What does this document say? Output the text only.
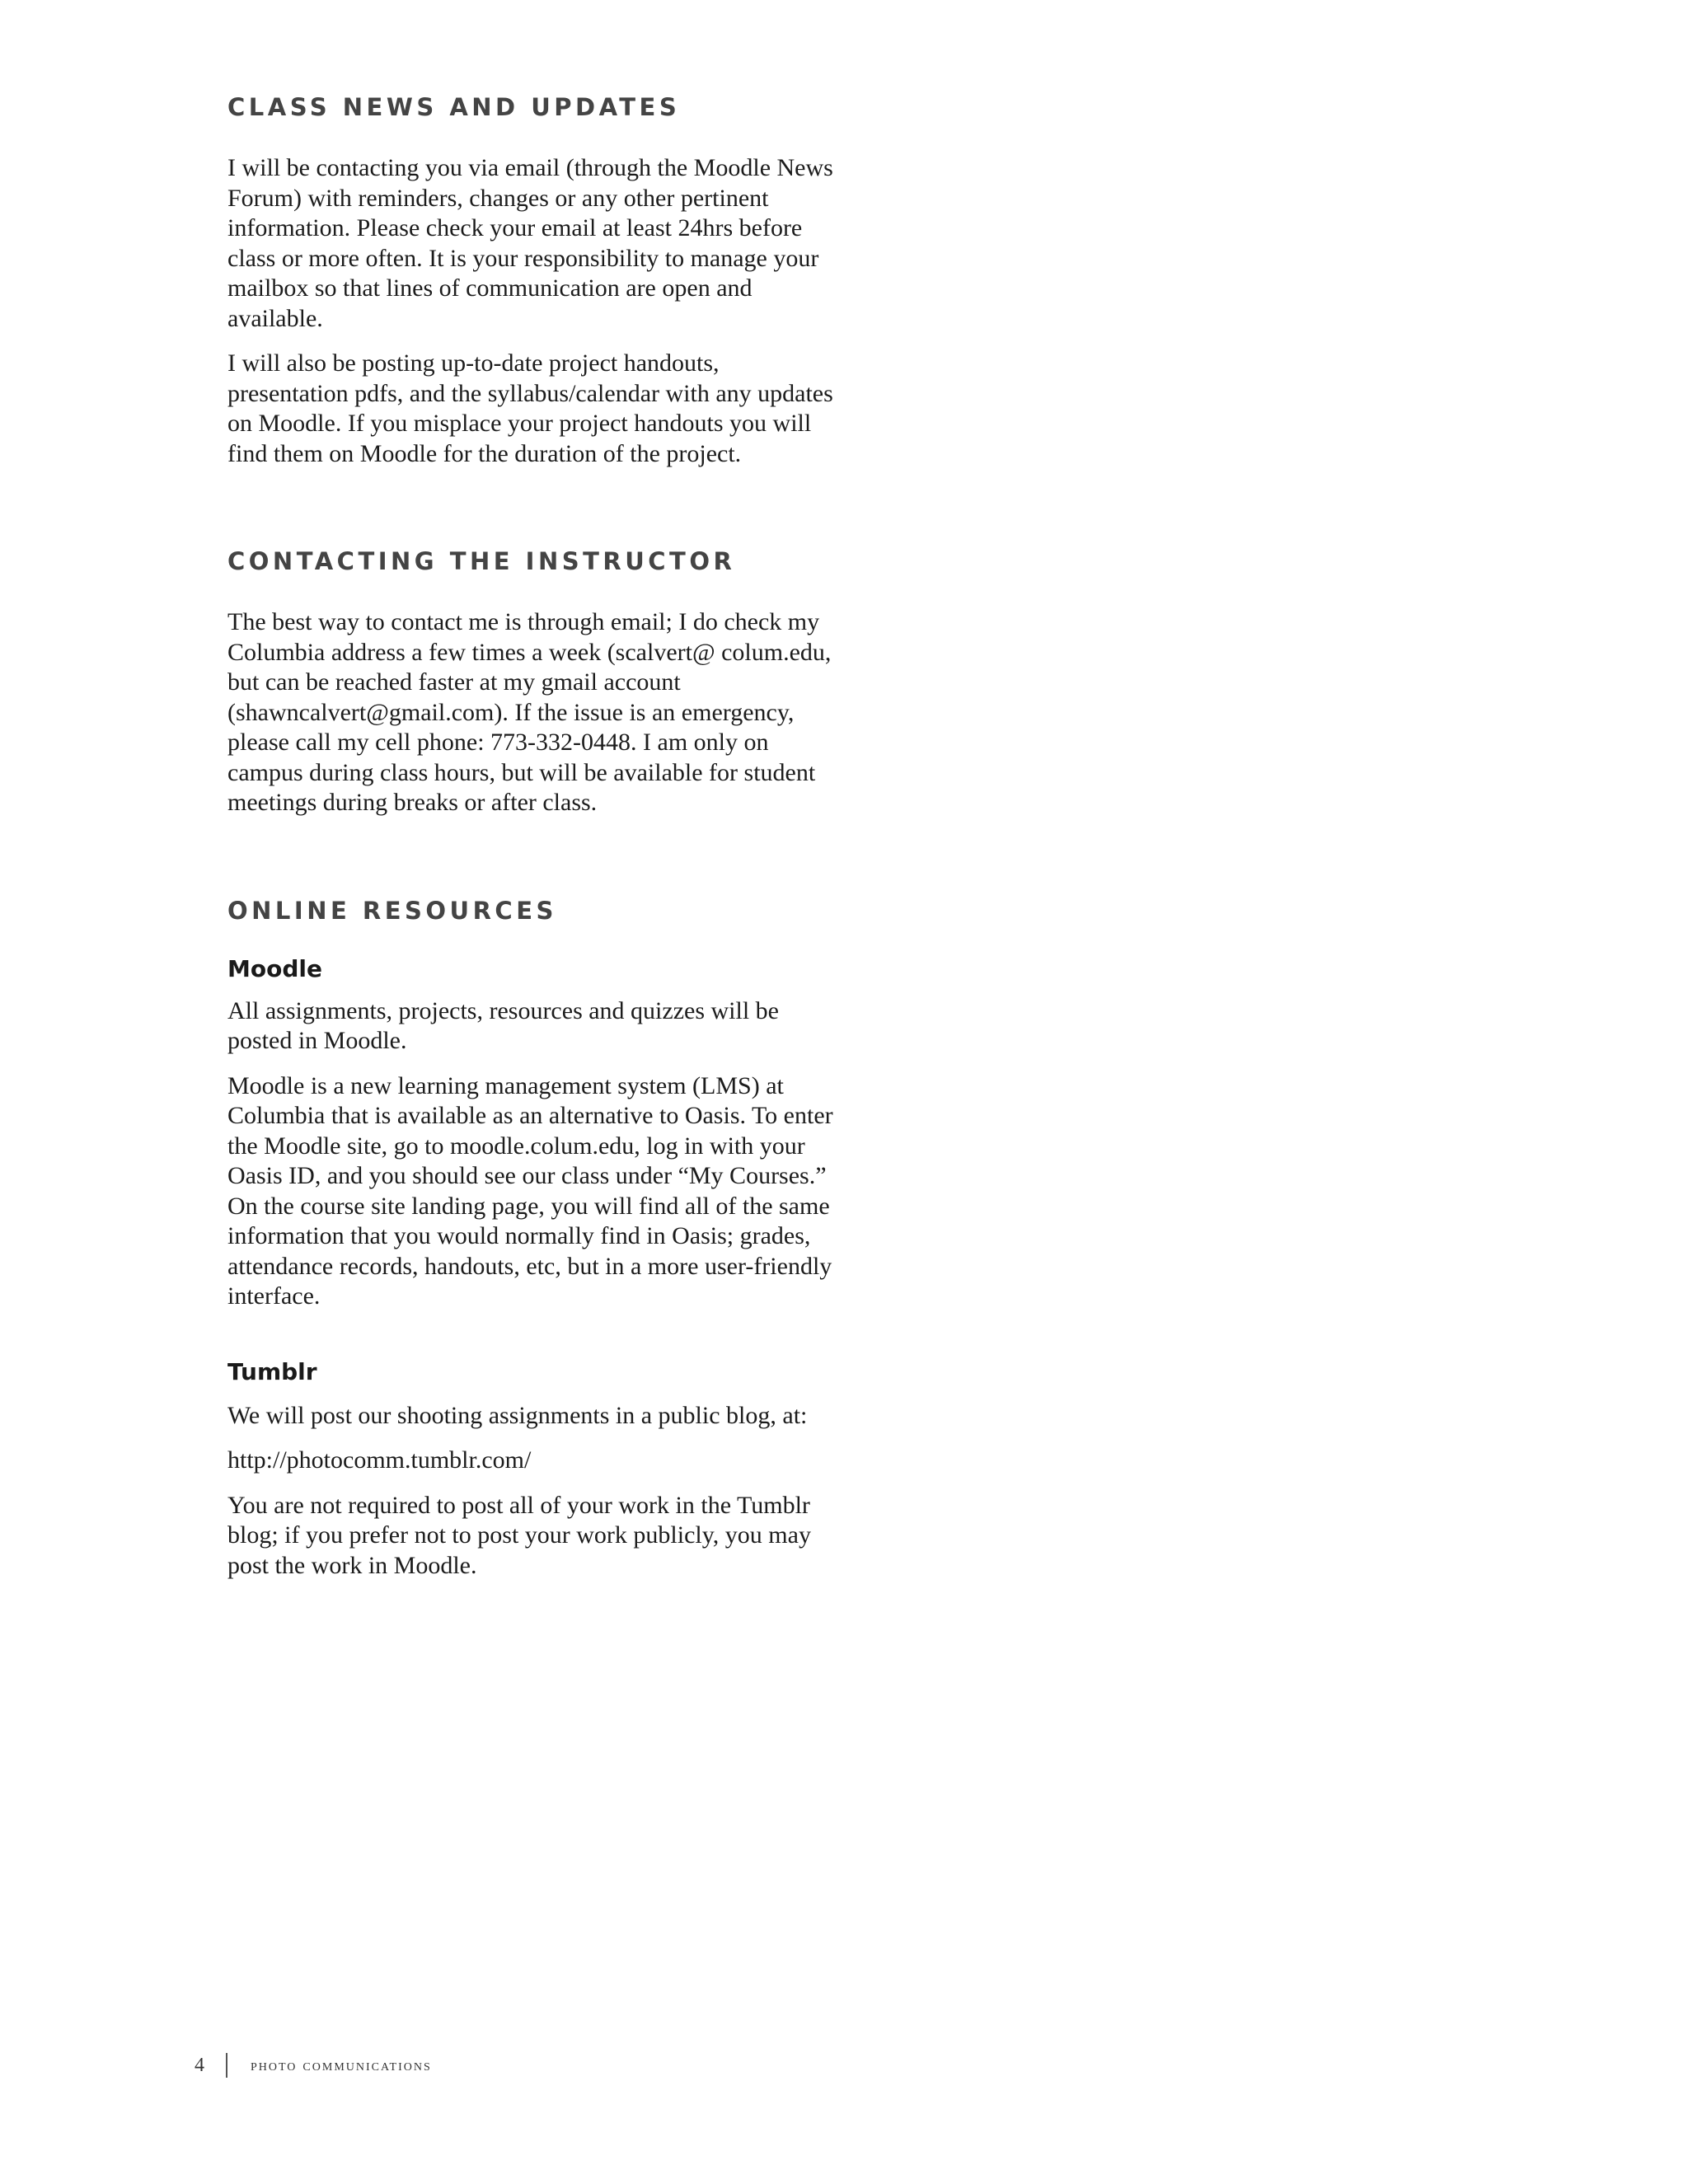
CLASS NEWS AND UPDATES

I will be contacting you via email (through the Moodle News Forum) with reminders, changes or any other pertinent information. Please check your email at least 24hrs before class or more often. It is your responsibility to manage your mailbox so that lines of communication are open and available.

I will also be posting up-to-date project handouts, presentation pdfs, and the syllabus/calendar with any updates on Moodle. If you misplace your project handouts you will find them on Moodle for the duration of the project.

CONTACTING THE INSTRUCTOR

The best way to contact me is through email; I do check my Columbia address a few times a week (scalvert@ colum.edu, but can be reached faster at my gmail account (shawncalvert@gmail.com). If the issue is an emergency, please call my cell phone: 773-332-0448. I am only on campus during class hours, but will be available for student meetings during breaks or after class.

ONLINE RESOURCES
Moodle

All assignments, projects, resources and quizzes will be posted in Moodle.

Moodle is a new learning management system (LMS) at Columbia that is available as an alternative to Oasis. To enter the Moodle site, go to moodle.colum.edu, log in with your Oasis ID, and you should see our class under “My Courses.” On the course site landing page, you will find all of the same information that you would normally find in Oasis; grades, attendance records, handouts, etc, but in a more user-friendly interface.

Tumblr

We will post our shooting assignments in a public blog, at:

http://photocomm.tumblr.com/

You are not required to post all of your work in the Tumblr blog; if you prefer not to post your work publicly, you may post the work in Moodle.

4	photo communications
